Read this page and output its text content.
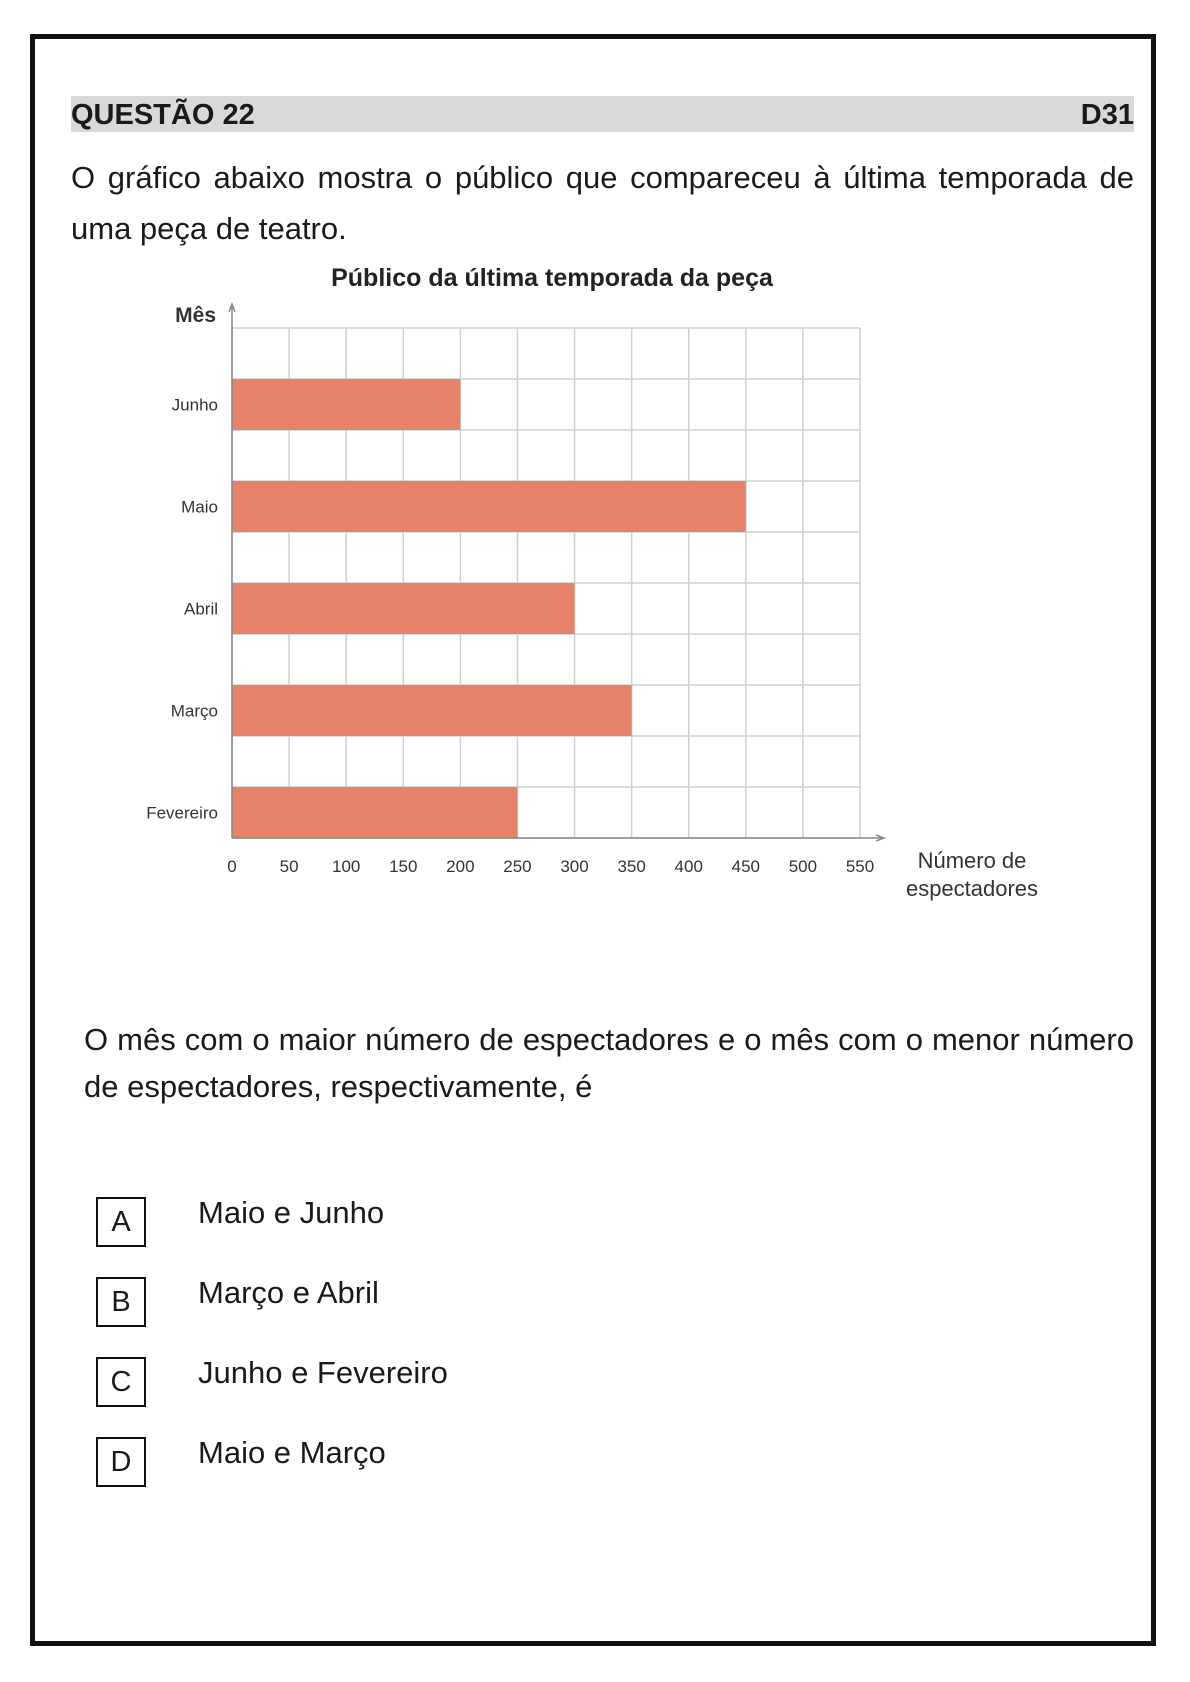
QUESTÃO 22	D31
O gráfico abaixo mostra o público que compareceu à última temporada de uma peça de teatro.
Junho
Maio
Abril
Março
Fevereiro
0	50 100 150 200 250 300 350 400 450 500 550
Público da última temporada da peça
Mês
Número de
espectadores
O mês com o maior número de espectadores e o mês com o menor número de espectadores, respectivamente, é
A	Maio e Junho
B	Março e Abril
C	Junho e Fevereiro
D	Maio e Março
